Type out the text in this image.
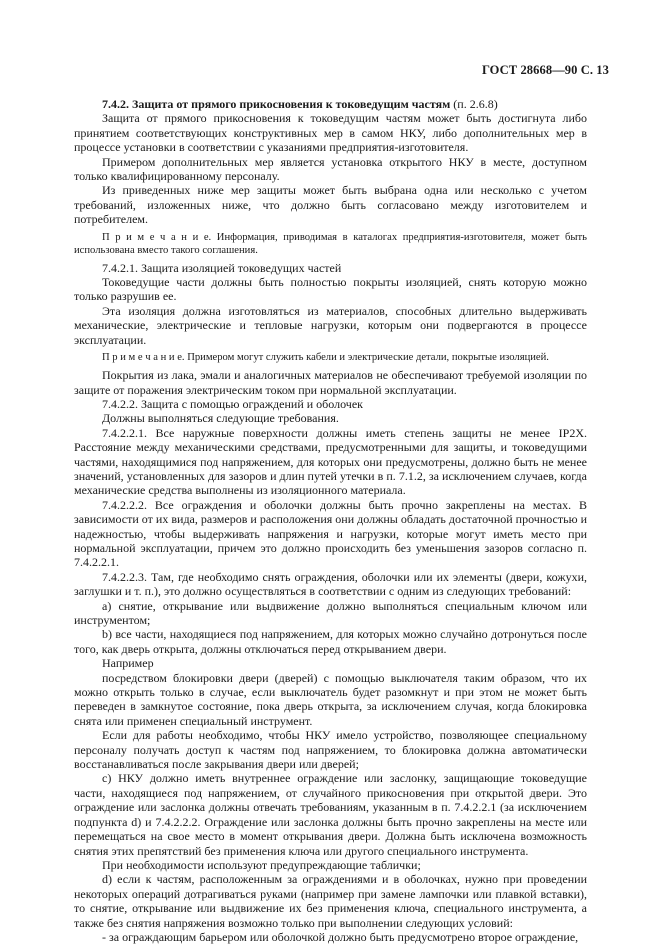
ГОСТ 28668—90 С. 13

7.4.2. Защита от прямого прикосновения к токоведущим частям (п. 2.6.8)

Защита от прямого прикосновения к токоведущим частям может быть достигнута либо принятием соответствующих конструктивных мер в самом НКУ, либо дополнительных мер в процессе установки в соответствии с указаниями предприятия-изготовителя.

Примером дополнительных мер является установка открытого НКУ в месте, доступном только квалифицированному персоналу.

Из приведенных ниже мер защиты может быть выбрана одна или несколько с учетом требований, изложенных ниже, что должно быть согласовано между изготовителем и потребителем.

П р и м е ч а н и е. Информация, приводимая в каталогах предприятия-изготовителя, может быть использована вместо такого соглашения.

7.4.2.1. Защита изоляцией токоведущих частей

Токоведущие части должны быть полностью покрыты изоляцией, снять которую можно только разрушив ее.

Эта изоляция должна изготовляться из материалов, способных длительно выдерживать механические, электрические и тепловые нагрузки, которым они подвергаются в процессе эксплуатации.

П р и м е ч а н и е. Примером могут служить кабели и электрические детали, покрытые изоляцией.

Покрытия из лака, эмали и аналогичных материалов не обеспечивают требуемой изоляции по защите от поражения электрическим током при нормальной эксплуатации.

7.4.2.2. Защита с помощью ограждений и оболочек

Должны выполняться следующие требования.

7.4.2.2.1. Все наружные поверхности должны иметь степень защиты не менее IP2X. Расстояние между механическими средствами, предусмотренными для защиты, и токоведущими частями, находящимися под напряжением, для которых они предусмотрены, должно быть не менее значений, установленных для зазоров и длин путей утечки в п. 7.1.2, за исключением случаев, когда механические средства выполнены из изоляционного материала.

7.4.2.2.2. Все ограждения и оболочки должны быть прочно закреплены на местах. В зависимости от их вида, размеров и расположения они должны обладать достаточной прочностью и надежностью, чтобы выдерживать напряжения и нагрузки, которые могут иметь место при нормальной эксплуатации, причем это должно происходить без уменьшения зазоров согласно п. 7.4.2.2.1.

7.4.2.2.3. Там, где необходимо снять ограждения, оболочки или их элементы (двери, кожухи, заглушки и т. п.), это должно осуществляться в соответствии с одним из следующих требований:

a) снятие, открывание или выдвижение должно выполняться специальным ключом или инструментом;

b) все части, находящиеся под напряжением, для которых можно случайно дотронуться после того, как дверь открыта, должны отключаться перед открыванием двери.

Например

посредством блокировки двери (дверей) с помощью выключателя таким образом, что их можно открыть только в случае, если выключатель будет разомкнут и при этом не может быть переведен в замкнутое состояние, пока дверь открыта, за исключением случая, когда блокировка снята или применен специальный инструмент.

Если для работы необходимо, чтобы НКУ имело устройство, позволяющее специальному персоналу получать доступ к частям под напряжением, то блокировка должна автоматически восстанавливаться после закрывания двери или дверей;

c) НКУ должно иметь внутреннее ограждение или заслонку, защищающие токоведущие части, находящиеся под напряжением, от случайного прикосновения при открытой двери. Это ограждение или заслонка должны отвечать требованиям, указанным в п. 7.4.2.2.1 (за исключением подпункта d) и 7.4.2.2.2. Ограждение или заслонка должны быть прочно закреплены на месте или перемещаться на свое место в момент открывания двери. Должна быть исключена возможность снятия этих препятствий без применения ключа или другого специального инструмента.

При необходимости используют предупреждающие таблички;

d) если к частям, расположенным за ограждениями и в оболочках, нужно при проведении некоторых операций дотрагиваться руками (например при замене лампочки или плавкой вставки), то снятие, открывание или выдвижение их без применения ключа, специального инструмента, а также без снятия напряжения возможно только при выполнении следующих условий:

- за ограждающим барьером или оболочкой должно быть предусмотрено второе ограждение,
